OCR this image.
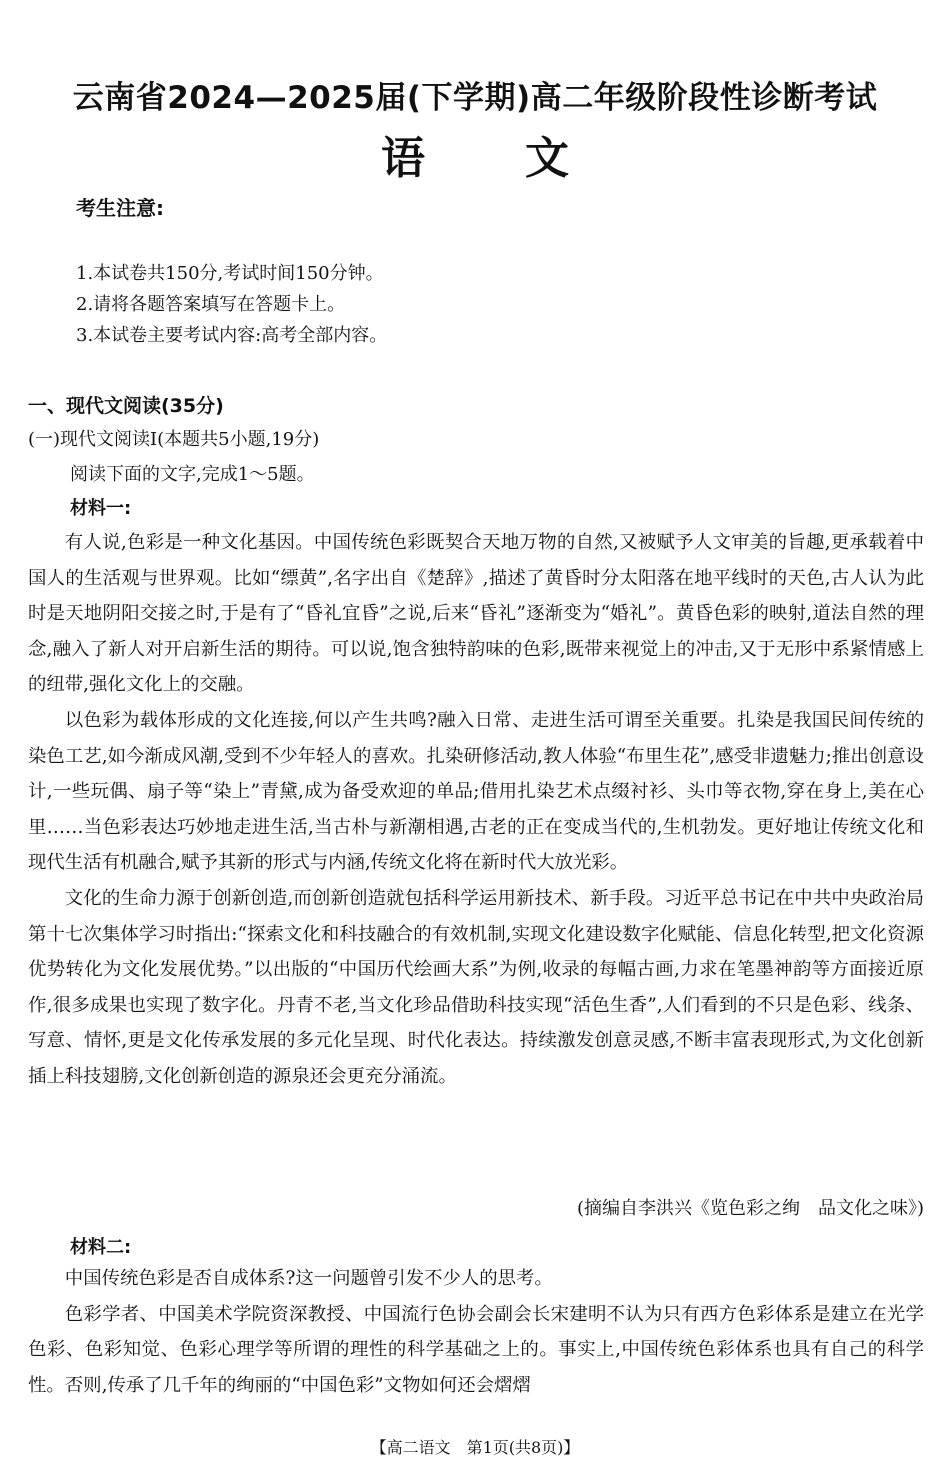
云南省2024—2025届(下学期)高二年级阶段性诊断考试
语文
考生注意:
1.本试卷共150分,考试时间150分钟。
2.请将各题答案填写在答题卡上。
3.本试卷主要考试内容:高考全部内容。
一、现代文阅读(35分)
(一)现代文阅读Ⅰ(本题共5小题,19分)
阅读下面的文字,完成1～5题。
材料一:

有人说,色彩是一种文化基因。中国传统色彩既契合天地万物的自然,又被赋予人文审美的旨趣,更承载着中国人的生活观与世界观。比如“缥黄”,名字出自《楚辞》,描述了黄昏时分太阳落在地平线时的天色,古人认为此时是天地阴阳交接之时,于是有了“昏礼宜昏”之说,后来“昏礼”逐渐变为“婚礼”。黄昏色彩的映射,道法自然的理念,融入了新人对开启新生活的期待。可以说,饱含独特韵味的色彩,既带来视觉上的冲击,又于无形中系紧情感上的纽带,强化文化上的交融。

以色彩为载体形成的文化连接,何以产生共鸣?融入日常、走进生活可谓至关重要。扎染是我国民间传统的染色工艺,如今渐成风潮,受到不少年轻人的喜欢。扎染研修活动,教人体验“布里生花”,感受非遗魅力;推出创意设计,一些玩偶、扇子等“染上”青黛,成为备受欢迎的单品;借用扎染艺术点缀衬衫、头巾等衣物,穿在身上,美在心里……当色彩表达巧妙地走进生活,当古朴与新潮相遇,古老的正在变成当代的,生机勃发。更好地让传统文化和现代生活有机融合,赋予其新的形式与内涵,传统文化将在新时代大放光彩。

文化的生命力源于创新创造,而创新创造就包括科学运用新技术、新手段。习近平总书记在中共中央政治局第十七次集体学习时指出:“探索文化和科技融合的有效机制,实现文化建设数字化赋能、信息化转型,把文化资源优势转化为文化发展优势。”以出版的“中国历代绘画大系”为例,收录的每幅古画,力求在笔墨神韵等方面接近原作,很多成果也实现了数字化。丹青不老,当文化珍品借助科技实现“活色生香”,人们看到的不只是色彩、线条、写意、情怀,更是文化传承发展的多元化呈现、时代化表达。持续激发创意灵感,不断丰富表现形式,为文化创新插上科技翅膀,文化创新创造的源泉还会更充分涌流。

(摘编自李洪兴《览色彩之绚　品文化之味》)
材料二:

中国传统色彩是否自成体系?这一问题曾引发不少人的思考。

色彩学者、中国美术学院资深教授、中国流行色协会副会长宋建明不认为只有西方色彩体系是建立在光学色彩、色彩知觉、色彩心理学等所谓的理性的科学基础之上的。事实上,中国传统色彩体系也具有自己的科学性。否则,传承了几千年的绚丽的“中国色彩”文物如何还会熠熠

【高二语文　第1页(共8页)】
